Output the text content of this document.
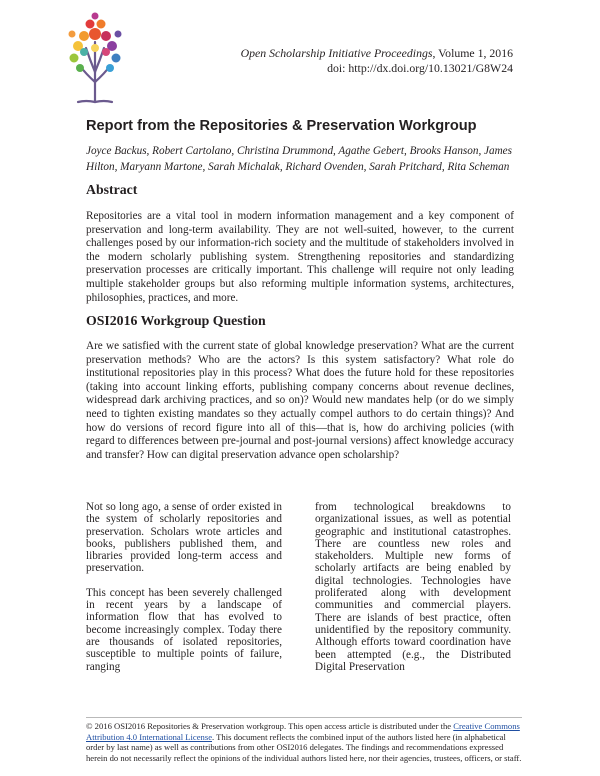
Open Scholarship Initiative Proceedings, Volume 1, 2016
doi: http://dx.doi.org/10.13021/G8W24
Report from the Repositories & Preservation Workgroup
Joyce Backus, Robert Cartolano, Christina Drummond, Agathe Gebert, Brooks Hanson, James Hilton, Maryann Martone, Sarah Michalak, Richard Ovenden, Sarah Pritchard, Rita Scheman
Abstract
Repositories are a vital tool in modern information management and a key component of preservation and long-term availability. They are not well-suited, however, to the current challenges posed by our information-rich society and the multitude of stakeholders involved in the modern scholarly publishing system. Strengthening repositories and standardizing preservation processes are critically important. This challenge will require not only leading multiple stakeholder groups but also reforming multiple information systems, architectures, philosophies, practices, and more.
OSI2016 Workgroup Question
Are we satisfied with the current state of global knowledge preservation? What are the current preservation methods? Who are the actors? Is this system satisfactory? What role do institutional repositories play in this process? What does the future hold for these repositories (taking into account linking efforts, publishing company concerns about revenue declines, widespread dark archiving practices, and so on)? Would new mandates help (or do we simply need to tighten existing mandates so they actually compel authors to do certain things)? And how do versions of record figure into all of this—that is, how do archiving policies (with regard to differences between pre-journal and post-journal versions) affect knowledge accuracy and transfer? How can digital preservation advance open scholarship?

Not so long ago, a sense of order existed in the system of scholarly repositories and preservation. Scholars wrote articles and books, publishers published them, and libraries provided long-term access and preservation.

This concept has been severely challenged in recent years by a landscape of information flow that has evolved to become increasingly complex. Today there are thousands of isolated repositories, susceptible to multiple points of failure, ranging

from technological breakdowns to organizational issues, as well as potential geographic and institutional catastrophes. There are countless new roles and stakeholders. Multiple new forms of scholarly artifacts are being enabled by digital technologies. Technologies have proliferated along with development communities and commercial players. There are islands of best practice, often unidentified by the repository community. Although efforts toward coordination have been attempted (e.g., the Distributed Digital Preservation

© 2016 OSI2016 Repositories & Preservation workgroup. This open access article is distributed under the Creative Commons Attribution 4.0 International License. This document reflects the combined input of the authors listed here (in alphabetical order by last name) as well as contributions from other OSI2016 delegates. The findings and recommendations expressed herein do not necessarily reflect the opinions of the individual authors listed here, nor their agencies, trustees, officers, or staff.
